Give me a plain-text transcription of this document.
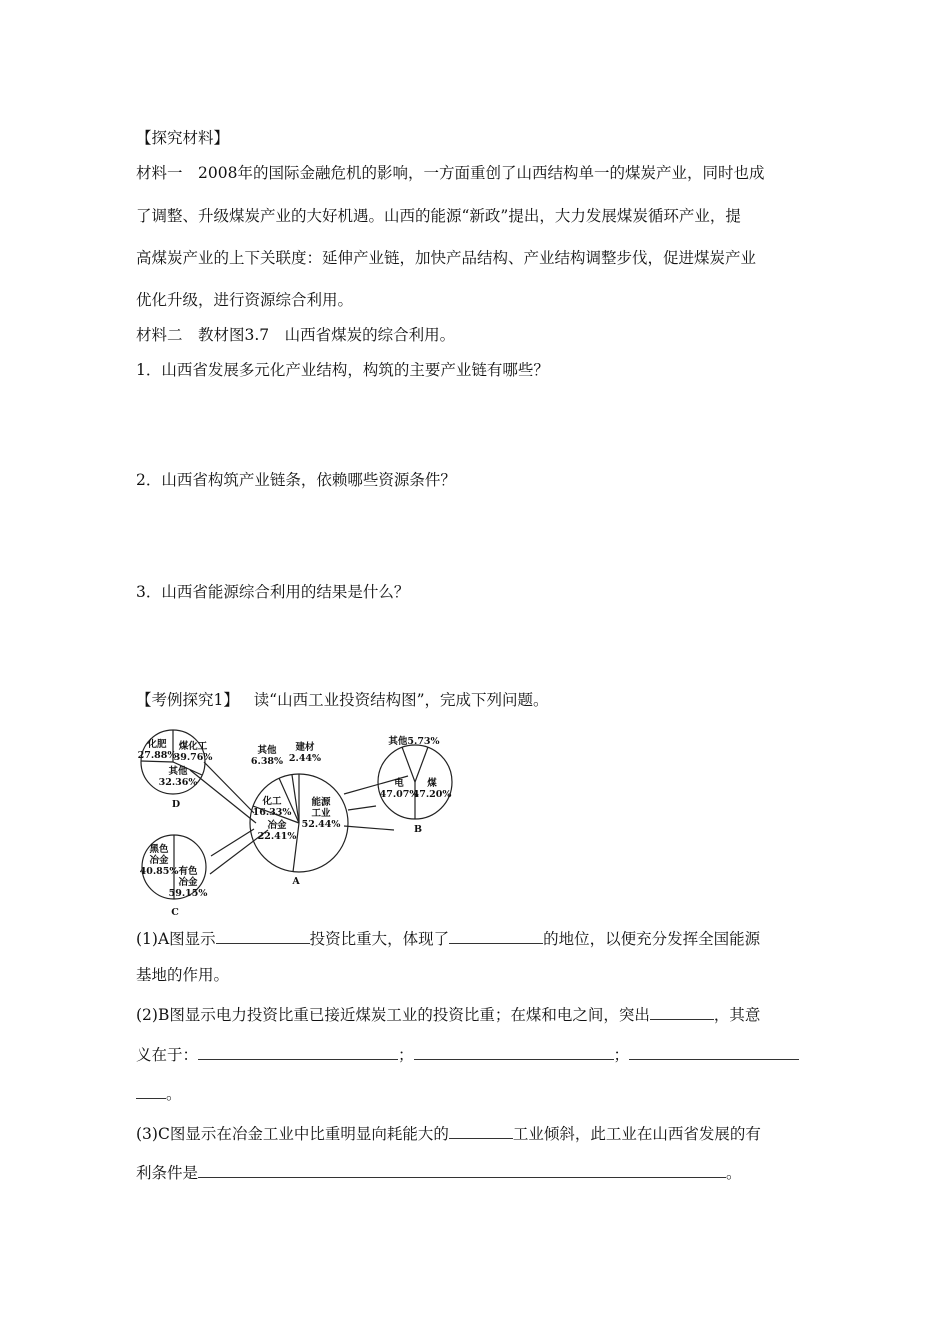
【探究材料】
材料一　2008年的国际金融危机的影响，一方面重创了山西结构单一的煤炭产业，同时也成
了调整、升级煤炭产业的大好机遇。山西的能源“新政”提出，大力发展煤炭循环产业，提
高煤炭产业的上下关联度：延伸产业链，加快产品结构、产业结构调整步伐，促进煤炭产业
优化升级，进行资源综合利用。
材料二　教材图3.7　山西省煤炭的综合利用。
1．山西省发展多元化产业结构，构筑的主要产业链有哪些？
2．山西省构筑产业链条，依赖哪些资源条件？
3．山西省能源综合利用的结果是什么？
【考例探究1】 读“山西工业投资结构图”，完成下列问题。
化肥
27.88%
煤化工
39.76%
其他
32.36%
D
其他
6.38%
建材
2.44%
化工
16.33%
能源
工业
52.44%
冶金
22.41%
A
黑色
冶金
40.85% 有色
冶金
59.15%
C
其他5.73%
电
47.07%
煤
47.20%
B
(1)A图显示	投资比重大，体现了	的地位，以便充分发挥全国能源
基地的作用。
(2)B图显示电力投资比重已接近煤炭工业的投资比重；在煤和电之间，突出	，其意
义在于：	；	；
。
(3)C图显示在冶金工业中比重明显向耗能大的	工业倾斜，此工业在山西省发展的有
利条件是	。
